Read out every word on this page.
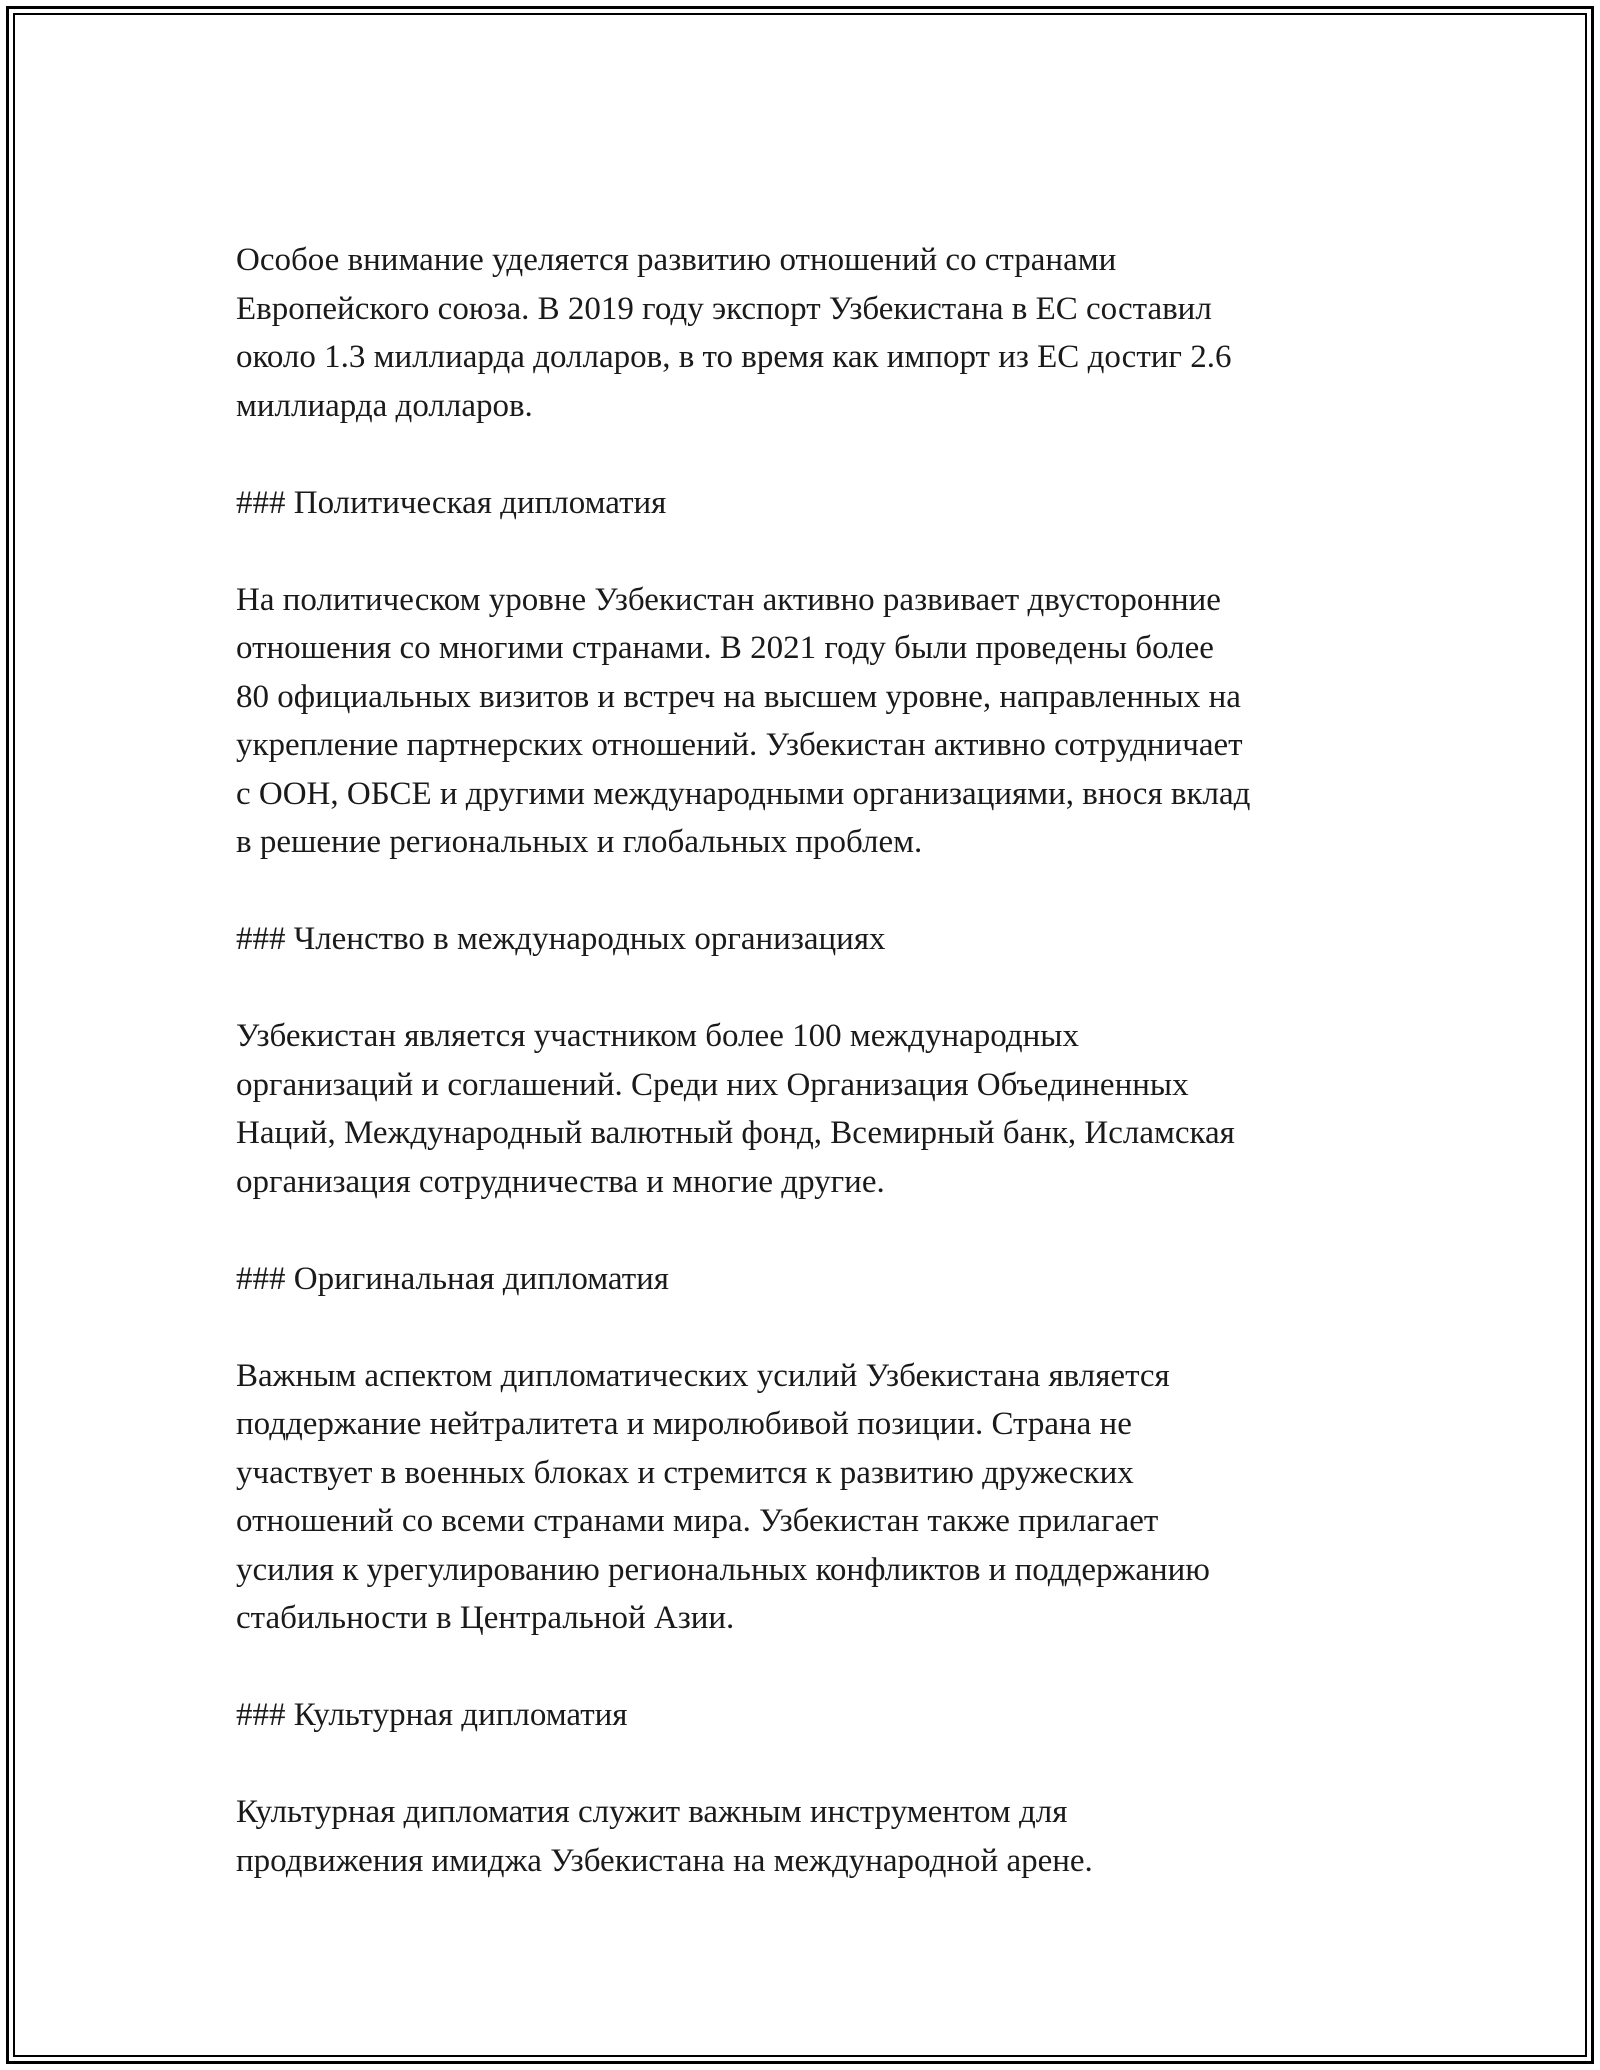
Особое внимание уделяется развитию отношений со странами
Европейского союза. В 2019 году экспорт Узбекистана в ЕС составил
около 1.3 миллиарда долларов, в то время как импорт из ЕС достиг 2.6
миллиарда долларов.

### Политическая дипломатия

На политическом уровне Узбекистан активно развивает двусторонние
отношения со многими странами. В 2021 году были проведены более
80 официальных визитов и встреч на высшем уровне, направленных на
укрепление партнерских отношений. Узбекистан активно сотрудничает
с ООН, ОБСЕ и другими международными организациями, внося вклад
в решение региональных и глобальных проблем.

### Членство в международных организациях

Узбекистан является участником более 100 международных
организаций и соглашений. Среди них Организация Объединенных
Наций, Международный валютный фонд, Всемирный банк, Исламская
организация сотрудничества и многие другие.

### Оригинальная дипломатия

Важным аспектом дипломатических усилий Узбекистана является
поддержание нейтралитета и миролюбивой позиции. Страна не
участвует в военных блоках и стремится к развитию дружеских
отношений со всеми странами мира. Узбекистан также прилагает
усилия к урегулированию региональных конфликтов и поддержанию
стабильности в Центральной Азии.

### Культурная дипломатия

Культурная дипломатия служит важным инструментом для
продвижения имиджа Узбекистана на международной арене.
